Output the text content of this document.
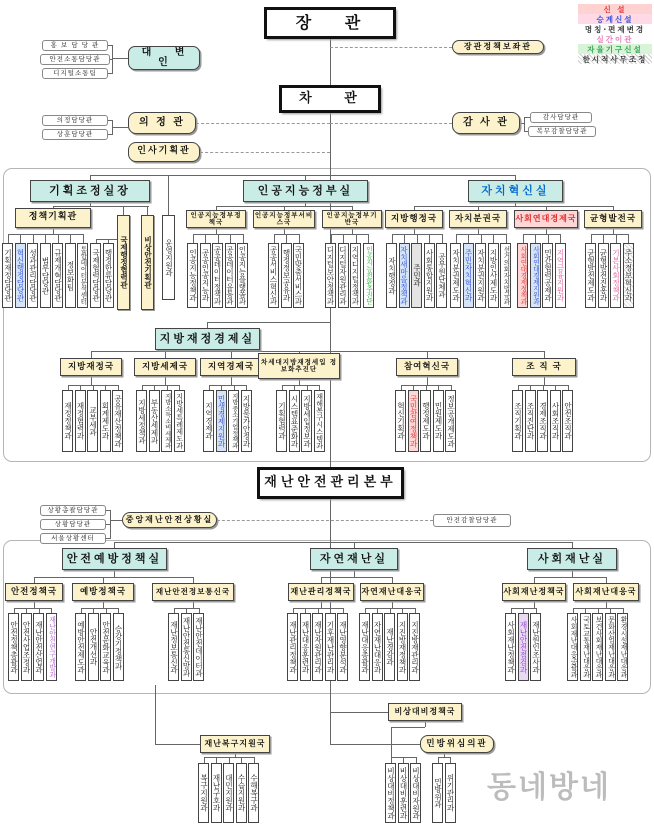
동네방네
장 관
차 관
재난안전관리본부
대 변 인
장관정책보좌관
의 정 관	감 사 관
인사기획관
중앙재난안전상황실	안전감찰담당관
기획조정실장	인공지능정부실	자치혁신실
지방재정경제실
안전예방정책실	자연재난실	사회재난실
정책기획관
국제행정협력관	비상안전기획관	운영지원과
인공지능정부정책국
인공지능정부서비스국
인공지능정부기반국	지방행정국	자치분권국	사회연대경제국	균형발전국
지방재정국	지방세제국	지역경제국	차세대지방재정세입 정보화추진단	참여혁신국	조 직 국
안전정책국	예방정책국	재난안전정보통신국	재난관리정책국	자연재난대응국	사회재난정책국	사회재난대응국
재난복구지원국
비상대비정책국
민방위심의관
홍 보 담 당 관
안전소통담당관
디지털소통팀
의정담당관
상훈담당관
감사담당관
복무감찰담당관
상황총괄담당관
상황담당관
서울상황센터
기획재정담당관 혁신행정담당관 성과관리담당관 법무담당관 규제개혁담당관 정보화팀 통합데이터분석센터 국제협력담당관 행정한류담당관	인공지능정책과 공공인공지능과 공공데이터정책과 공공데이터유통과 인공지능플랫폼과	공공서비스혁신과 행정정보공유과 국민맞춤서비스과	디지털보안정책과 디지털자원관리과 지역디지털정책과 인공지능전환추진단 자치행정과 자치새마을정책과 주민과 사회통합지원과 공무원단체과 자치분권제도과 주민자치혁신과 자치분권지원과 지방인사제도과 선거의회자치법규과 사회연대경제정책과 사회연대경제지원과 민간협력공제과 지역금융지원과	균형발전제도과 균형발전진흥과 기본사회정책과 주소정보혁신과
재정정책과 재정협력과 교부세과 회계제도과 공유재산정책과 지방세정책과 부동산세제과 지방소득소비세제과 지방세특례제도과	지역경제과 민생경제지원과 지방중소기업정책과 지방물가안정과	기획협력과 시스템표준화과 지방세입정보과 재해복구시스템과	혁신기획과 국민참여정책과 행정제도과 민원제도과 정보공개제도과	조직기획과 조직진단과 경제조직과 사회조직과 안전조직과
안전정책총괄과 안전사업조정과 재난안전산업과 재난안전연구개발과	예방안전제도과 안전개선과 안전문화교육과 승강기정책과	재난정보통신과 재난안전통신망과 재난안전데이터과	재난관리정책과 재난대응훈련과 재난자원관리과 기후재난관리과 재난영향분석과 재난대응총괄과 자연재난대응과 재난경감과 지진방재정책과 지진방재관리과	사회재난정책과 재난안전점검과 재난원인조사과	사회재난대응총괄과 국토교통재난대응과 보건사회재난대응과 문화산업재난대응과 환경시설재난대응과
복구지원과 재난구호과 대민지원과 수습지원과 수해복구과	비상대비정책과 비상대비훈련과 비상대비자원과 민방위과 위기관리과
신 설
승계신설
명칭·편제변경
실간이관
자율기구신설
한시적사무조정
